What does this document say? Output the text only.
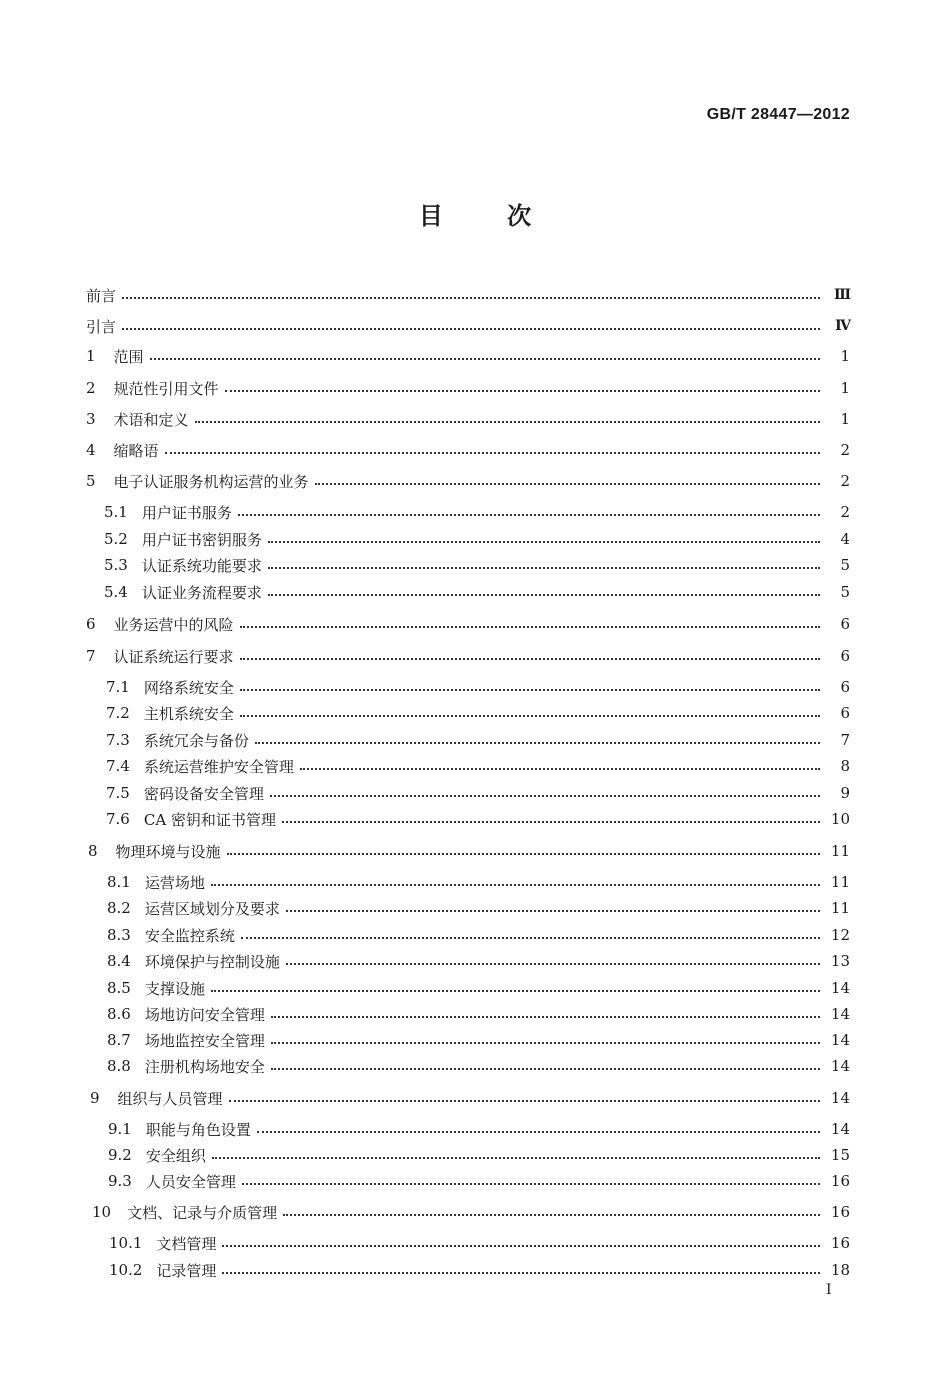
GB/T 28447—2012
目	次
前言	Ⅲ
引言	Ⅳ
1 范围	1
2 规范性引用文件	1
3 术语和定义	1
4 缩略语	2
5 电子认证服务机构运营的业务	2
5.1 用户证书服务	2
5.2 用户证书密钥服务	4
5.3 认证系统功能要求	5
5.4 认证业务流程要求	5
6 业务运营中的风险	6
7 认证系统运行要求	6
7.1 网络系统安全	6
7.2 主机系统安全	6
7.3 系统冗余与备份	7
7.4 系统运营维护安全管理	8
7.5 密码设备安全管理	9
7.6 CA 密钥和证书管理	10
8 物理环境与设施	11
8.1 运营场地	11
8.2 运营区域划分及要求	11
8.3 安全监控系统	12
8.4 环境保护与控制设施	13
8.5 支撑设施	14
8.6 场地访问安全管理	14
8.7 场地监控安全管理	14
8.8 注册机构场地安全	14
9 组织与人员管理	14
9.1 职能与角色设置	14
9.2 安全组织	15
9.3 人员安全管理	16
10 文档、记录与介质管理	16
10.1 文档管理	16
10.2 记录管理	18
I
